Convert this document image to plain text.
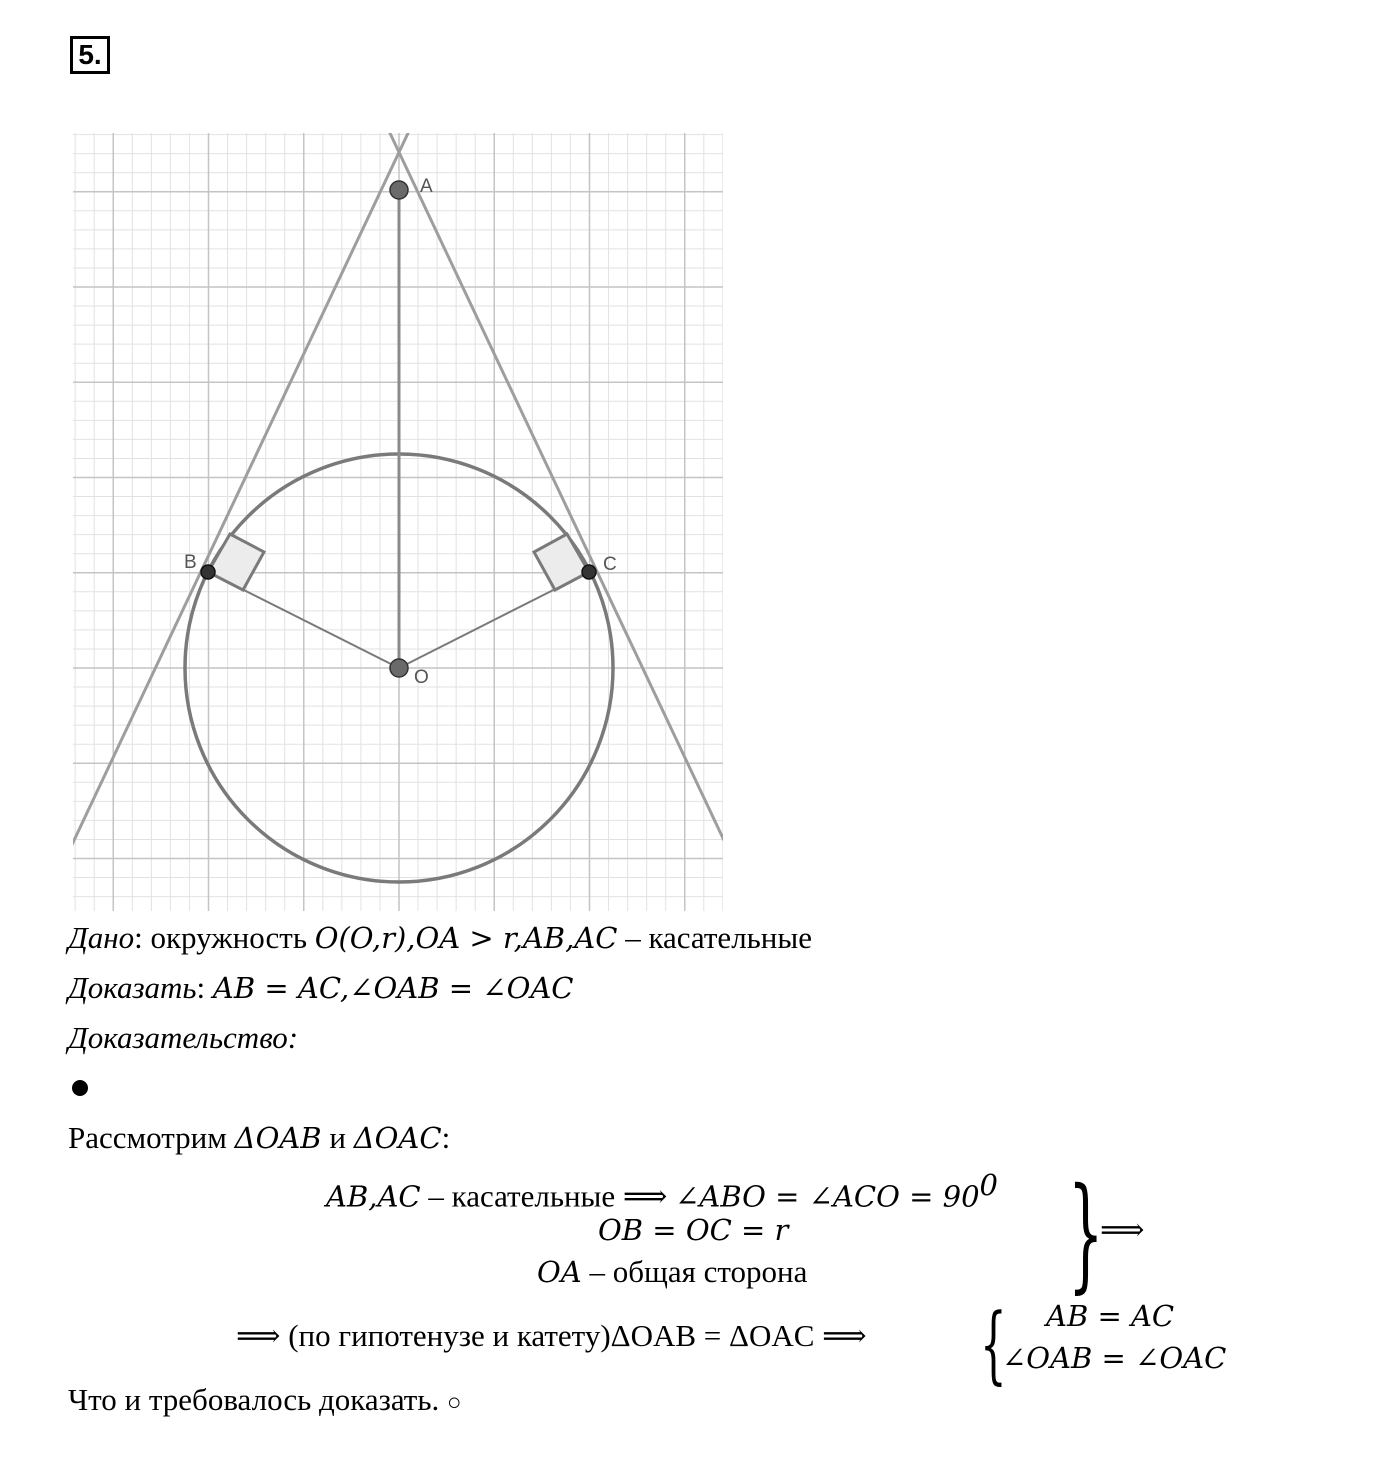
5.
A
B	C
O
Дано: окружность O(O,r),OA > r,AB,AC – касательные
Доказать: AB = AC,∠OAB = ∠OAC
Доказательство:
Рассмотрим ΔOAB и ΔOAC:
AB,AC – касательные ⟹ ∠ABO = ∠ACO = $90^0$
OB = OC = r
OA – общая сторона }
⟹
⟹ (по гипотенузе и катету)ΔOAB = ΔOAC ⟹ { AB = AC
∠OAB = ∠OAC
Что и требовалось доказать. ○
